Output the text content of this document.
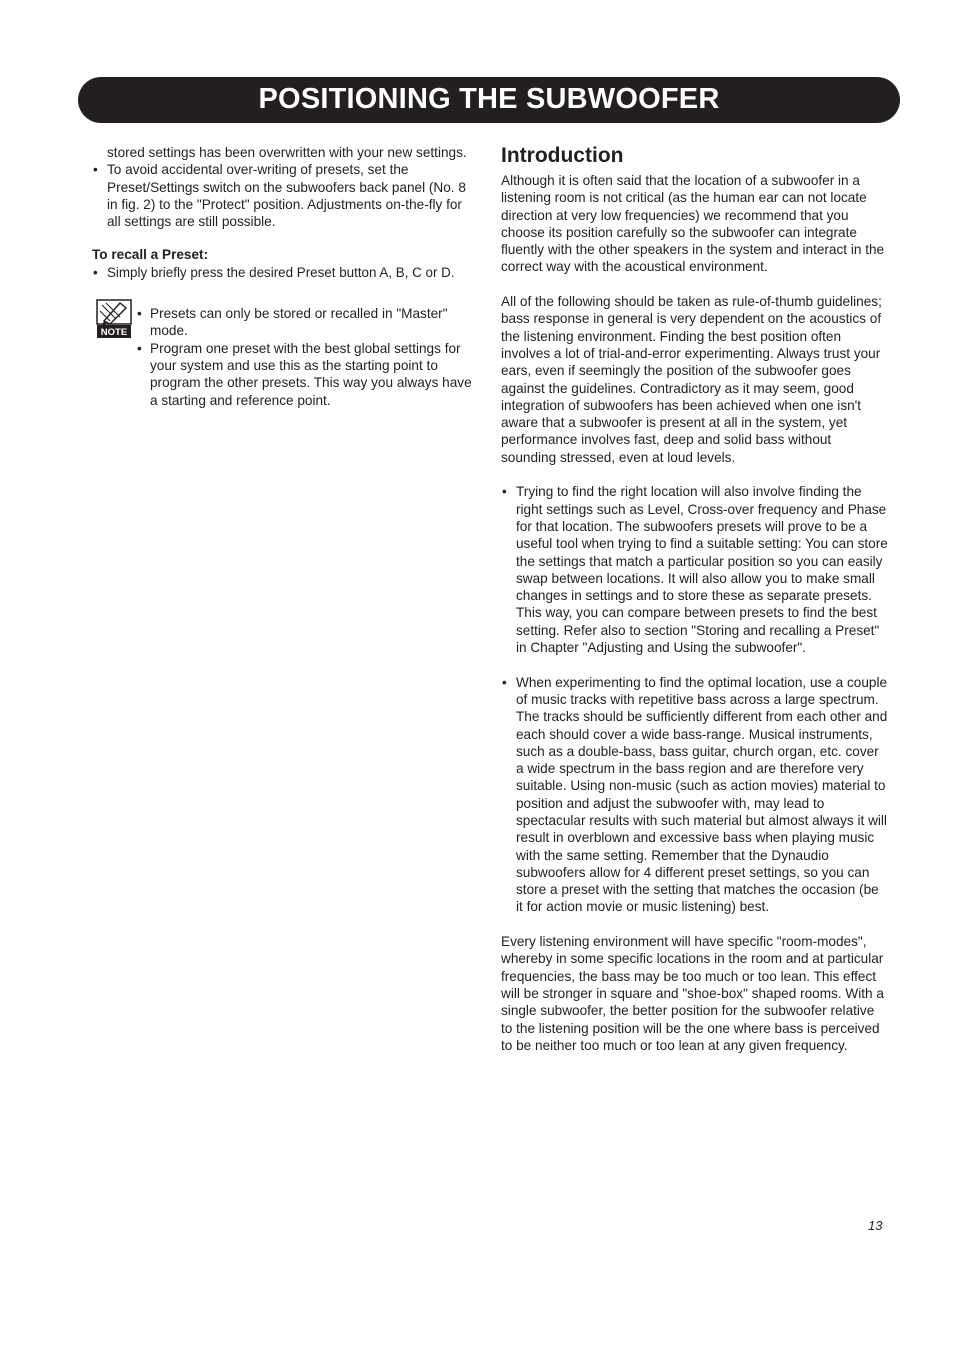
POSITIONING THE SUBWOOFER

stored settings has been overwritten with your new settings.

• To avoid accidental over-writing of presets, set the Preset/Settings switch on the subwoofers back panel (No. 8 in fig. 2) to the "Protect" position. Adjustments on-the-fly for all settings are still possible.

To recall a Preset:

• Simply briefly press the desired Preset button A, B, C or D.

NOTE

• Presets can only be stored or recalled in "Master" mode.

• Program one preset with the best global settings for your system and use this as the starting point to program the other presets. This way you always have a starting and reference point.

Introduction

Although it is often said that the location of a subwoofer in a listening room is not critical (as the human ear can not locate direction at very low frequencies) we recommend that you choose its position carefully so the subwoofer can integrate fluently with the other speakers in the system and interact in the correct way with the acoustical environment.

All of the following should be taken as rule-of-thumb guidelines; bass response in general is very dependent on the acoustics of the listening environment. Finding the best position often involves a lot of trial-and-error experimenting. Always trust your ears, even if seemingly the position of the subwoofer goes against the guidelines. Contradictory as it may seem, good integration of subwoofers has been achieved when one isn't aware that a subwoofer is present at all in the system, yet performance involves fast, deep and solid bass without sounding stressed, even at loud levels.

• Trying to find the right location will also involve finding the right settings such as Level, Cross-over frequency and Phase for that location. The subwoofers presets will prove to be a useful tool when trying to find a suitable setting: You can store the settings that match a particular position so you can easily swap between locations. It will also allow you to make small changes in settings and to store these as separate presets. This way, you can compare between presets to find the best setting. Refer also to section "Storing and recalling a Preset" in Chapter "Adjusting and Using the subwoofer".

• When experimenting to find the optimal location, use a couple of music tracks with repetitive bass across a large spectrum. The tracks should be sufficiently different from each other and each should cover a wide bass-range. Musical instruments, such as a double-bass, bass guitar, church organ, etc. cover a wide spectrum in the bass region and are therefore very suitable. Using non-music (such as action movies) material to position and adjust the subwoofer with, may lead to spectacular results with such material but almost always it will result in overblown and excessive bass when playing music with the same setting. Remember that the Dynaudio subwoofers allow for 4 different preset settings, so you can store a preset with the setting that matches the occasion (be it for action movie or music listening) best.

Every listening environment will have specific "room-modes", whereby in some specific locations in the room and at particular frequencies, the bass may be too much or too lean. This effect will be stronger in square and "shoe-box" shaped rooms. With a single subwoofer, the better position for the subwoofer relative to the listening position will be the one where bass is perceived to be neither too much or too lean at any given frequency.

13
